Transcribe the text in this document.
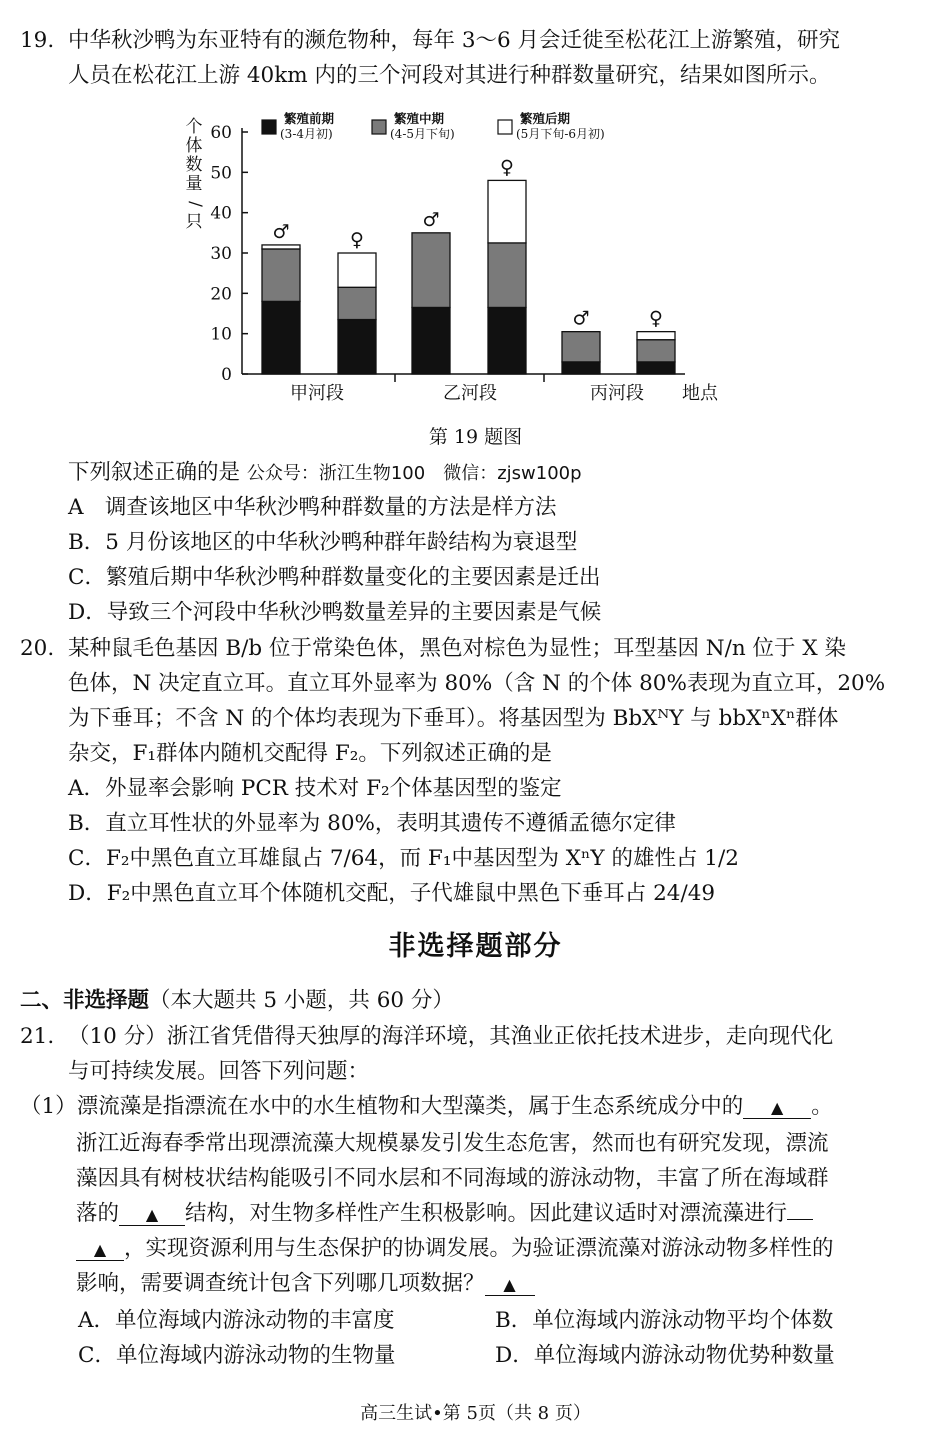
19. 中华秋沙鸭为东亚特有的濒危物种，每年 3～6 月会迁徙至松花江上游繁殖，研究
人员在松花江上游 40km 内的三个河段对其进行种群数量研究，结果如图所示。
繁殖前期
(3-4月初)
繁殖中期
(4-5月下旬)
繁殖后期
(5月下旬-6月初)
个
体
数
量
/
只
0
10
20
30
40
50
60
♂	♀
♂
♀
♂	♀
甲河段	乙河段	丙河段 地点
第 19 题图
下列叙述正确的是 公众号：浙江生物100　微信：zjsw100p
A　调查该地区中华秋沙鸭种群数量的方法是样方法
B．5 月份该地区的中华秋沙鸭种群年龄结构为衰退型
C．繁殖后期中华秋沙鸭种群数量变化的主要因素是迁出
D．导致三个河段中华秋沙鸭数量差异的主要因素是气候
20. 某种鼠毛色基因 B/b 位于常染色体，黑色对棕色为显性；耳型基因 N/n 位于 X 染
色体，N 决定直立耳。直立耳外显率为 80%（含 N 的个体 80%表现为直立耳，20%
为下垂耳；不含 N 的个体均表现为下垂耳）。将基因型为 BbXᴺY 与 bbXⁿXⁿ群体
杂交，F₁群体内随机交配得 F₂。下列叙述正确的是
A．外显率会影响 PCR 技术对 F₂个体基因型的鉴定
B．直立耳性状的外显率为 80%，表明其遗传不遵循孟德尔定律
C．F₂中黑色直立耳雄鼠占 7/64，而 F₁中基因型为 XⁿY 的雄性占 1/2
D．F₂中黑色直立耳个体随机交配，子代雄鼠中黑色下垂耳占 24/49
非选择题部分
二、非选择题（本大题共 5 小题，共 60 分）
21. （10 分）浙江省凭借得天独厚的海洋环境，其渔业正依托技术进步，走向现代化
与可持续发展。回答下列问题：
（1）漂流藻是指漂流在水中的水生植物和大型藻类，属于生态系统成分中的 ▲ 。
浙江近海春季常出现漂流藻大规模暴发引发生态危害，然而也有研究发现，漂流
藻因具有树枝状结构能吸引不同水层和不同海域的游泳动物，丰富了所在海域群
落的 ▲ 结构，对生物多样性产生积极影响。因此建议适时对漂流藻进行
▲ ，实现资源利用与生态保护的协调发展。为验证漂流藻对游泳动物多样性的
影响，需要调查统计包含下列哪几项数据？ ▲
A．单位海域内游泳动物的丰富度	B．单位海域内游泳动物平均个体数
C．单位海域内游泳动物的生物量	D．单位海域内游泳动物优势种数量
高三生试•第 5页（共 8 页）
